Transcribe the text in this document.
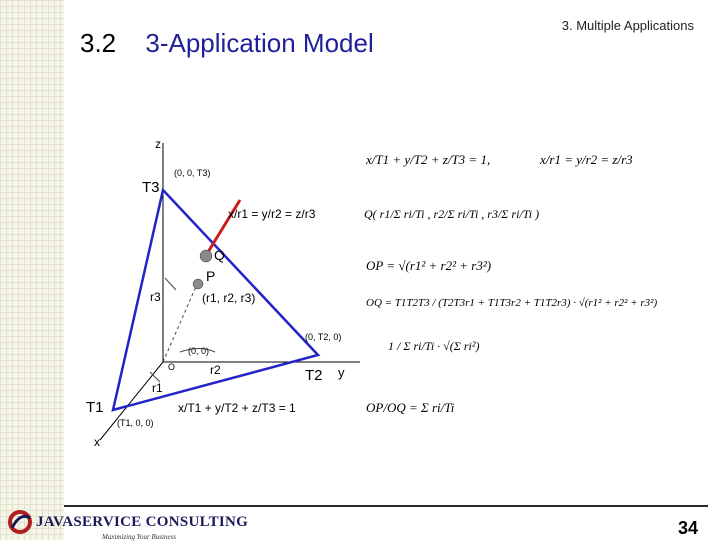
3.2 3-Application Model
3. Multiple Applications
z
x
y
T3
T1
T2
(0, 0, T3)
(0, T2, 0)
(T1, 0, 0)
(0, 0)
O
Q
P
(r1, r2, r3)
r3
r1
r2
x/r1 = y/r2 = z/r3
x/T1 + y/T2 + z/T3 = 1
x/T1 + y/T2 + z/T3 = 1,	x/r1 = y/r2 = z/r3
Q( r1/Σ ri/Ti , r2/Σ ri/Ti , r3/Σ ri/Ti )
OP = √(r1² + r2² + r3²)
OQ = T1T2T3 / (T2T3r1 + T1T3r2 + T1T2r3) · √(r1² + r2² + r3²)
1 / Σ ri/Ti · √(Σ ri²)
OP/OQ = Σ ri/Ti
JAVASERVICE CONSULTING
Maximizing Your Business	34
